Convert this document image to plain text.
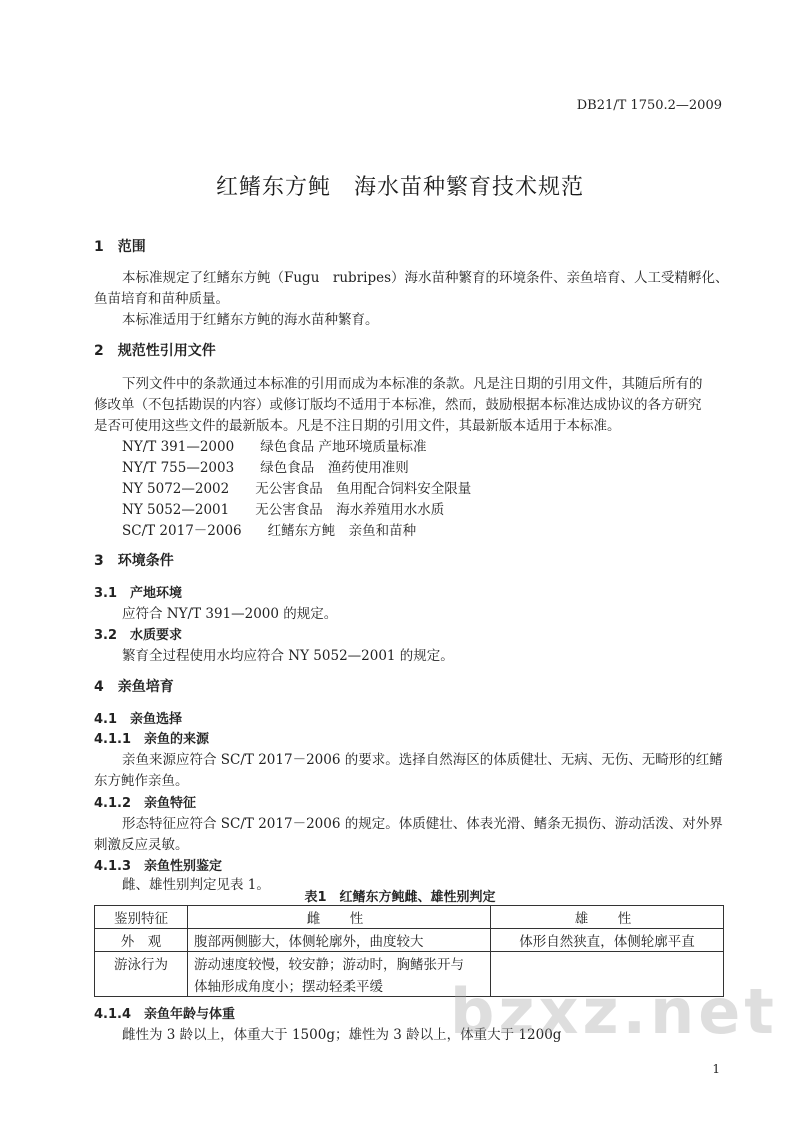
DB21/T 1750.2—2009
红鳍东方鲀　海水苗种繁育技术规范
1　范围
本标准规定了红鳍东方鲀（Fugu　rubripes）海水苗种繁育的环境条件、亲鱼培育、人工受精孵化、
鱼苗培育和苗种质量。
本标准适用于红鳍东方鲀的海水苗种繁育。
2　规范性引用文件
下列文件中的条款通过本标准的引用而成为本标准的条款。凡是注日期的引用文件，其随后所有的
修改单（不包括勘误的内容）或修订版均不适用于本标准，然而，鼓励根据本标准达成协议的各方研究
是否可使用这些文件的最新版本。凡是不注日期的引用文件，其最新版本适用于本标准。
NY/T 391—2000 绿色食品 产地环境质量标准
NY/T 755—2003 绿色食品　渔药使用准则
NY 5072—2002 无公害食品　鱼用配合饲料安全限量
NY 5052—2001 无公害食品　海水养殖用水水质
SC/T 2017－2006 红鳍东方鲀　亲鱼和苗种
3　环境条件
3.1　产地环境
应符合 NY/T 391—2000 的规定。
3.2　水质要求
繁育全过程使用水均应符合 NY 5052—2001 的规定。
4　亲鱼培育
4.1　亲鱼选择
4.1.1　亲鱼的来源
亲鱼来源应符合 SC/T 2017－2006 的要求。选择自然海区的体质健壮、无病、无伤、无畸形的红鳍
东方鲀作亲鱼。
4.1.2　亲鱼特征
形态特征应符合 SC/T 2017－2006 的规定。体质健壮、体表光滑、鳍条无损伤、游动活泼、对外界
刺激反应灵敏。
4.1.3　亲鱼性别鉴定
雌、雄性别判定见表 1。
表1　红鳍东方鲀雌、雄性别判定
鉴别特征	雌　性	雄　性
外　观	腹部两侧膨大，体侧轮廓外，曲度较大	体形自然狭直，体侧轮廓平直
游泳行为	游动速度较慢，较安静；游动时，胸鳍张开与	
	体轴形成角度小；摆动轻柔平缓	
4.1.4　亲鱼年龄与体重
雌性为 3 龄以上，体重大于 1500g；雄性为 3 龄以上，体重大于 1200g
bzxz.net
1
